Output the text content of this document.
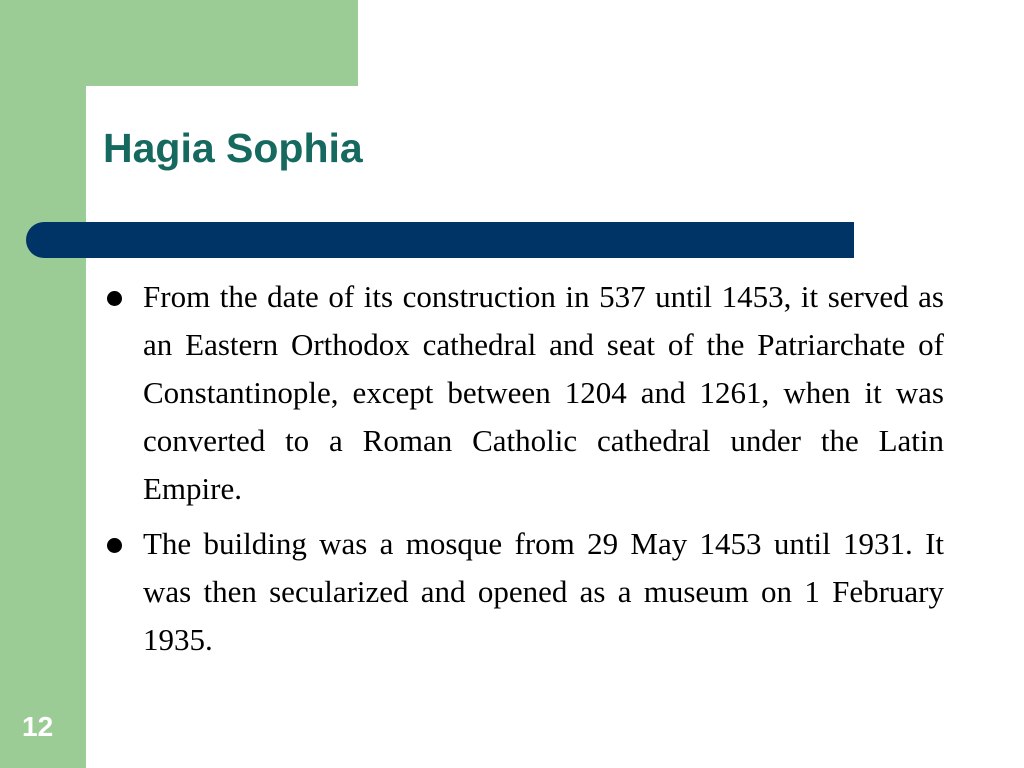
Hagia Sophia
From the date of its construction in 537 until 1453, it served as an Eastern Orthodox cathedral and seat of the Patriarchate of Constantinople, except between 1204 and 1261, when it was converted to a Roman Catholic cathedral under the Latin Empire.
The building was a mosque from 29 May 1453 until 1931. It was then secularized and opened as a museum on 1 February 1935.
12
